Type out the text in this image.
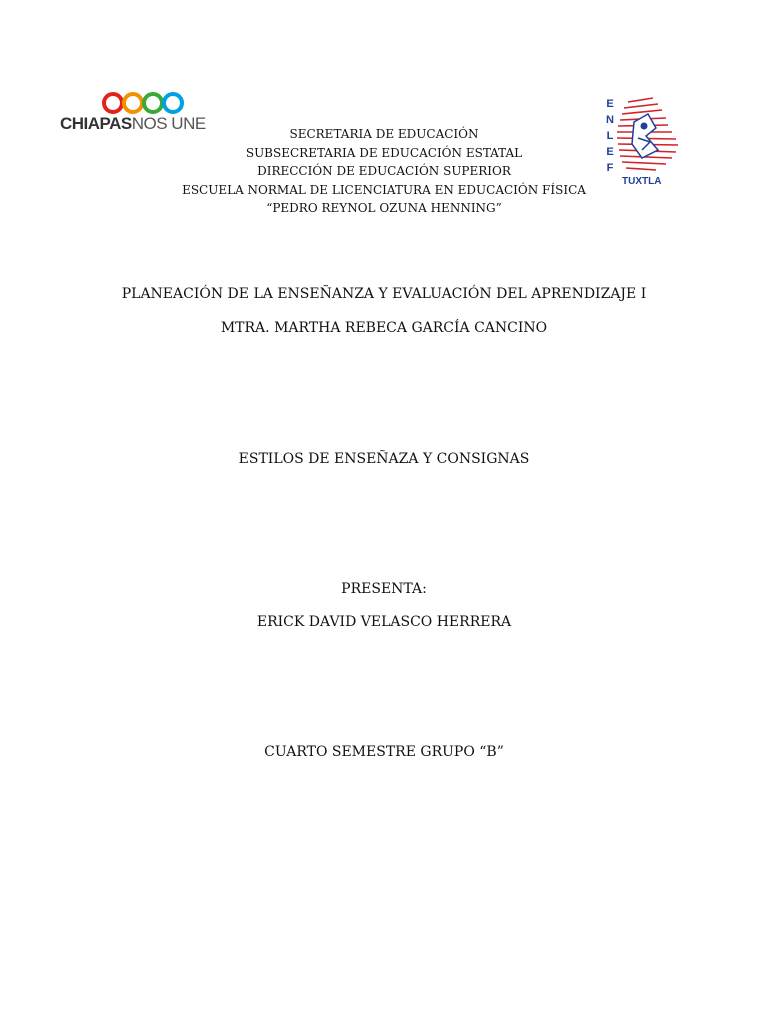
CHIAPASNOS UNE
E
N
L
E
F
TUXTLA
SECRETARIA DE EDUCACIÓN
SUBSECRETARIA DE EDUCACIÓN ESTATAL
DIRECCIÓN DE EDUCACIÓN SUPERIOR
ESCUELA NORMAL DE LICENCIATURA EN EDUCACIÓN FÍSICA
“PEDRO REYNOL OZUNA HENNING”
PLANEACIÓN DE LA ENSEÑANZA Y EVALUACIÓN DEL APRENDIZAJE I
MTRA. MARTHA REBECA GARCÍA CANCINO
ESTILOS DE ENSEÑAZA Y CONSIGNAS
PRESENTA:
ERICK DAVID VELASCO HERRERA
CUARTO SEMESTRE GRUPO “B”
